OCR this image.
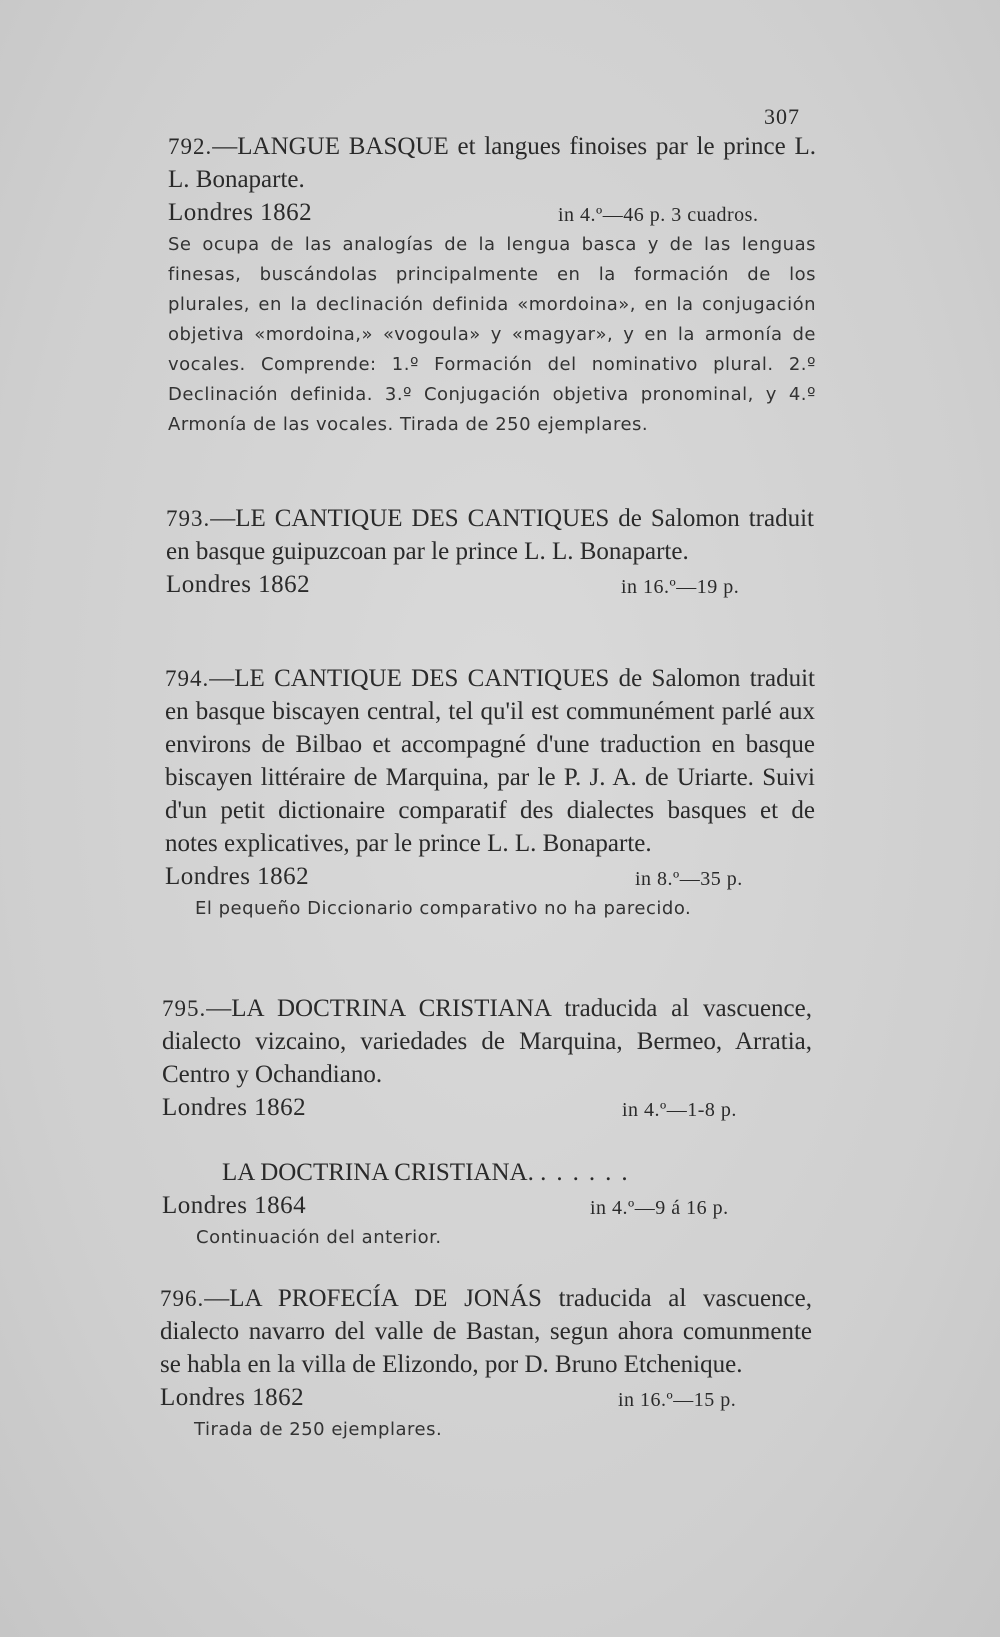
307

792.—LANGUE BASQUE et langues finoises par le prince L. L. Bonaparte.

Londres 1862	in 4.º—46 p. 3 cuadros.

Se ocupa de las analogías de la lengua basca y de las lenguas finesas, buscándolas principalmente en la formación de los plurales, en la declinación definida «mordoina», en la conjugación objetiva «mordoina,» «vogoula» y «magyar», y en la armonía de vocales. Comprende: 1.º Formación del nominativo plural. 2.º Declinación definida. 3.º Conjugación objetiva pronominal, y 4.º Armonía de las vocales. Tirada de 250 ejemplares.

793.—LE CANTIQUE DES CANTIQUES de Salomon traduit en basque guipuzcoan par le prince L. L. Bonaparte.

Londres 1862	in 16.º—19 p.

794.—LE CANTIQUE DES CANTIQUES de Salomon traduit en basque biscayen central, tel qu'il est communément parlé aux environs de Bilbao et accompagné d'une traduction en basque biscayen littéraire de Marquina, par le P. J. A. de Uriarte. Suivi d'un petit dictionaire comparatif des dialectes basques et de notes explicatives, par le prince L. L. Bonaparte.

Londres 1862	in 8.º—35 p.

El pequeño Diccionario comparativo no ha parecido.

795.—LA DOCTRINA CRISTIANA traducida al vascuence, dialecto vizcaino, variedades de Marquina, Bermeo, Arratia, Centro y Ochandiano.

Londres 1862	in 4.º—1-8 p.

LA DOCTRINA CRISTIANA. ......

Londres 1864	in 4.º—9 á 16 p.

Continuación del anterior.

796.—LA PROFECÍA DE JONÁS traducida al vascuence, dialecto navarro del valle de Bastan, segun ahora comunmente se habla en la villa de Elizondo, por D. Bruno Etchenique.

Londres 1862	in 16.º—15 p.

Tirada de 250 ejemplares.
